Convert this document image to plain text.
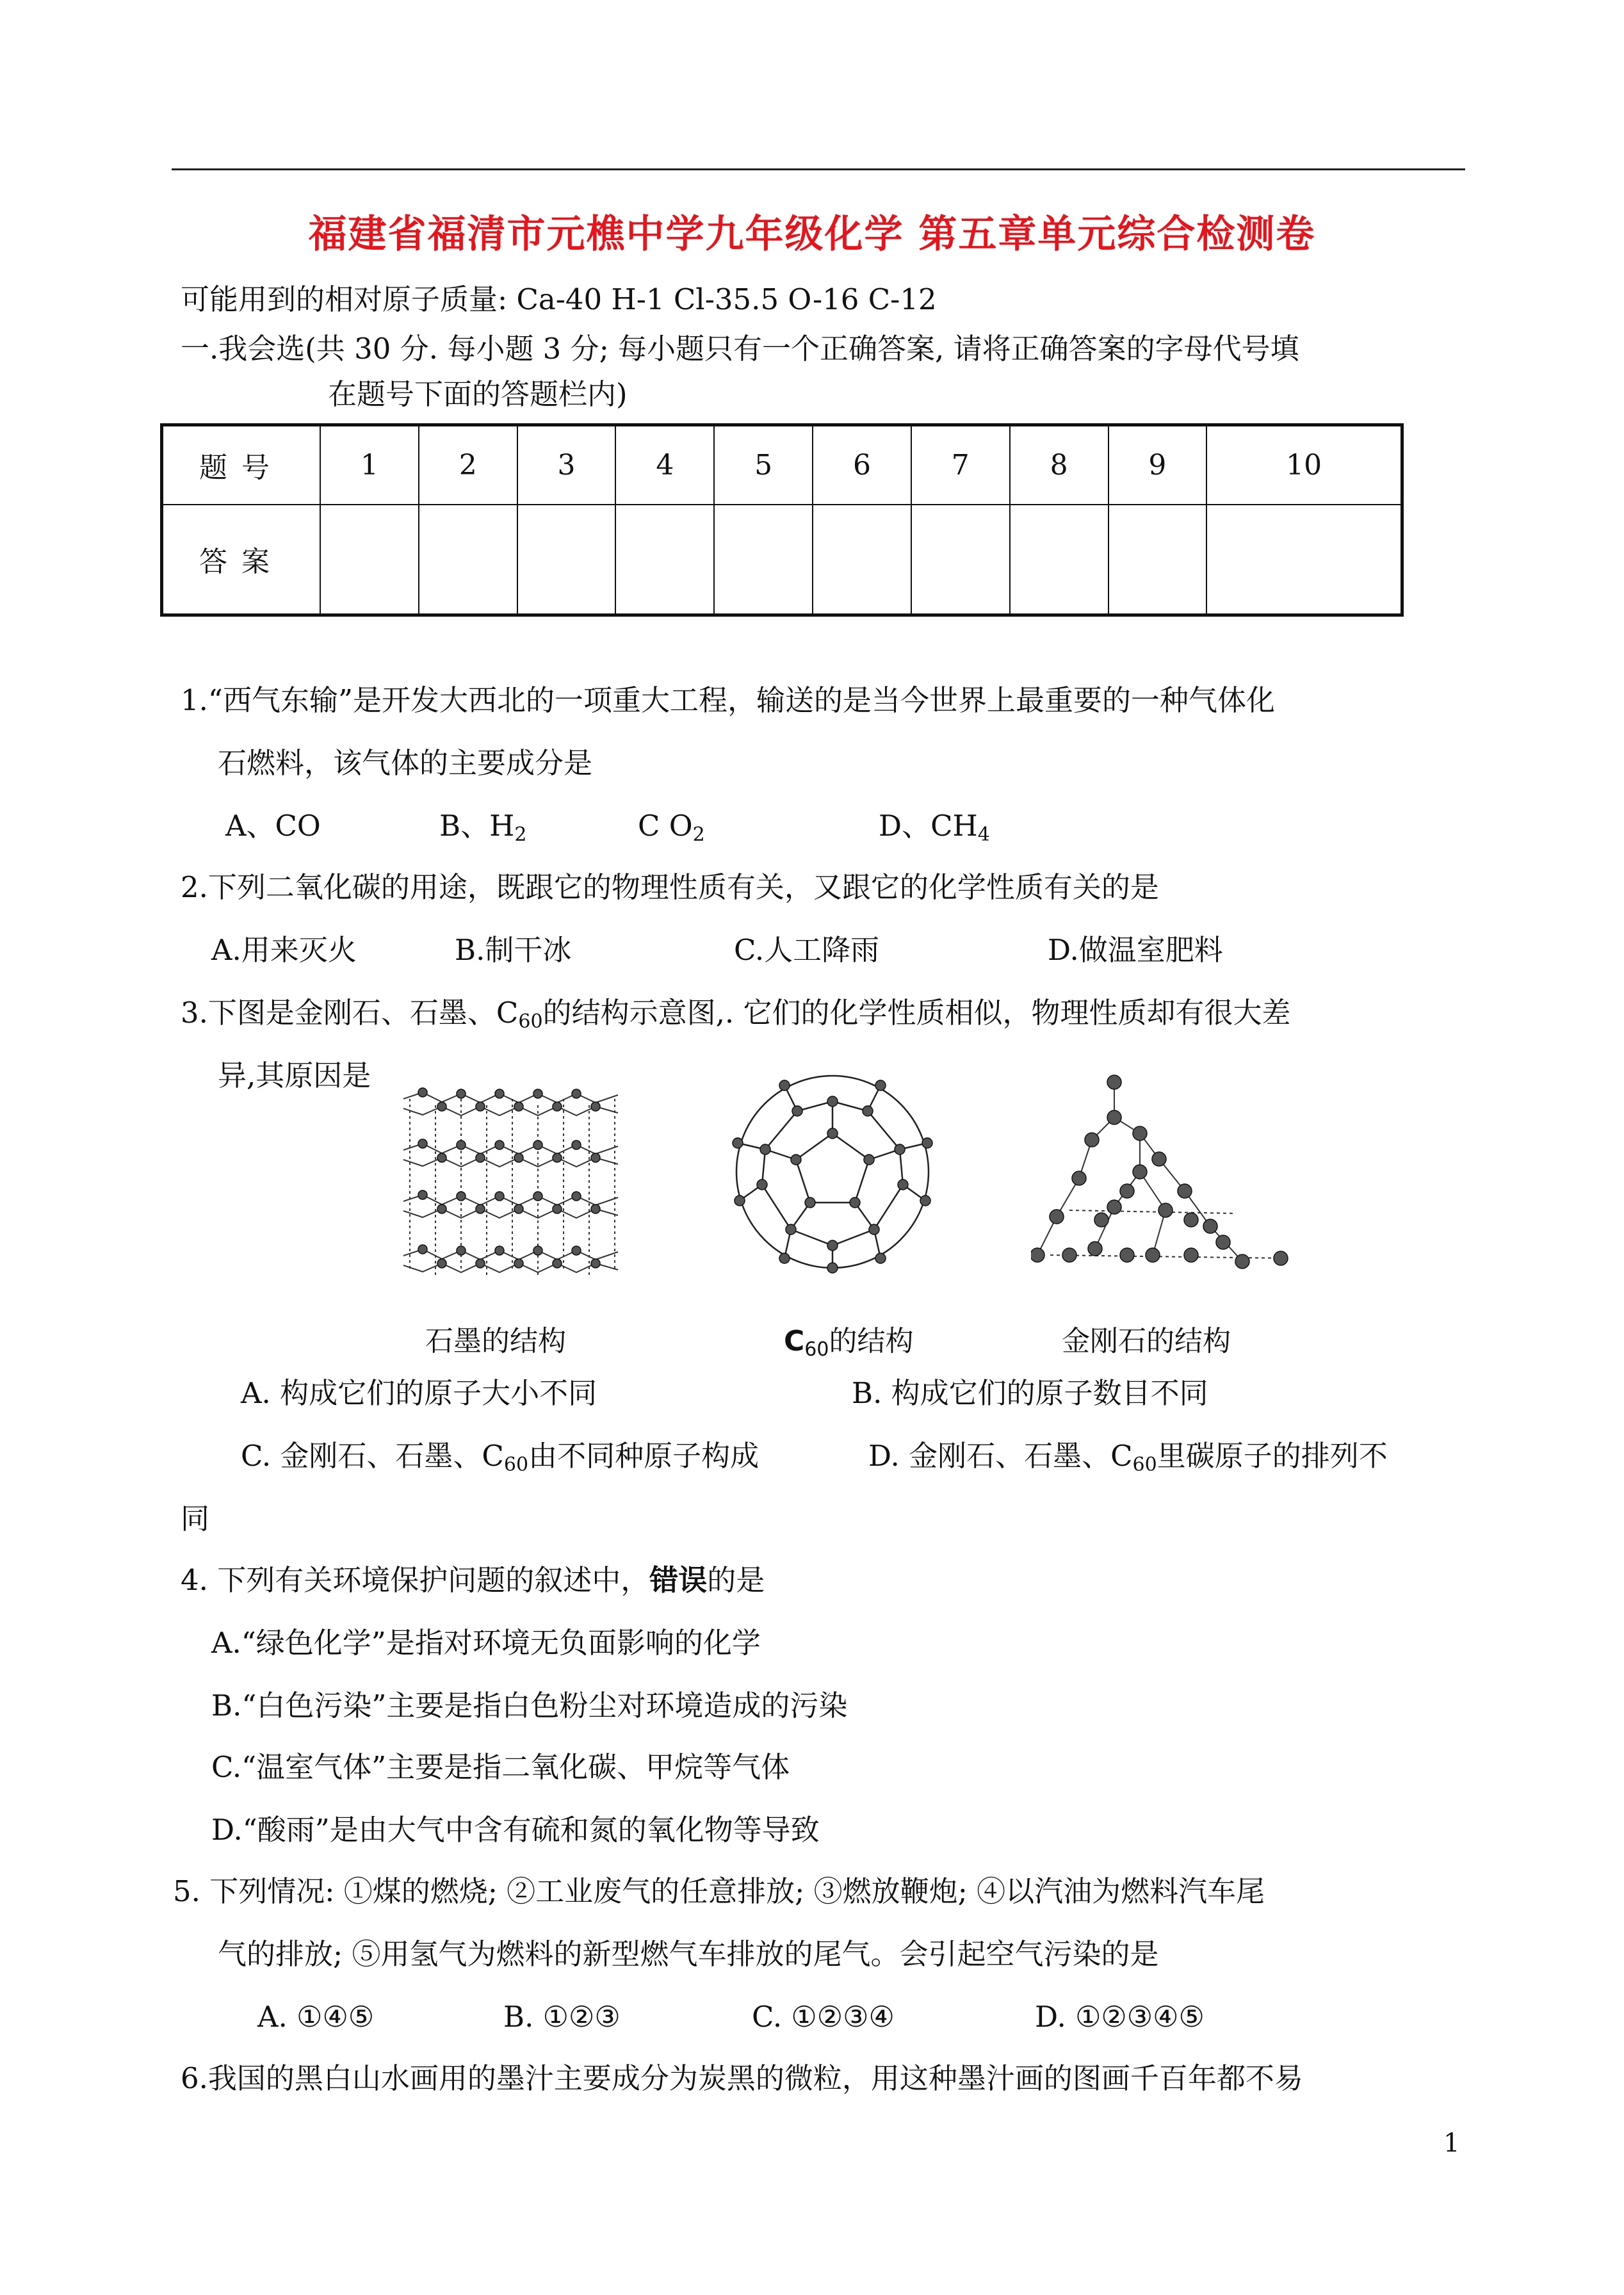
福建省福清市元樵中学九年级化学 第五章单元综合检测卷
可能用到的相对原子质量: Ca-40 H-1 Cl-35.5 O-16 C-12
一.我会选(共 30 分. 每小题 3 分; 每小题只有一个正确答案, 请将正确答案的字母代号填
在题号下面的答题栏内)
题号	1	2	3	4	5	6	7	8	9	10
答案										
1.“西气东输”是开发大西北的一项重大工程，输送的是当今世界上最重要的一种气体化
石燃料，该气体的主要成分是
A、CO	B、$H_2$	C $O_2$	D、$CH_4$
2.下列二氧化碳的用途，既跟它的物理性质有关，又跟它的化学性质有关的是
A.用来灭火	B.制干冰	C.人工降雨	D.做温室肥料
3.下图是金刚石、石墨、$C_{60}$的结构示意图,. 它们的化学性质相似，物理性质却有很大差
异,其原因是
石墨的结构	$C_{60}$的结构	金刚石的结构
A. 构成它们的原子大小不同	B. 构成它们的原子数目不同
C. 金刚石、石墨、$C_{60}$由不同种原子构成	D. 金刚石、石墨、$C_{60}$里碳原子的排列不
同
4. 下列有关环境保护问题的叙述中，错误的是
A.“绿色化学”是指对环境无负面影响的化学
B.“白色污染”主要是指白色粉尘对环境造成的污染
C.“温室气体”主要是指二氧化碳、甲烷等气体
D.“酸雨”是由大气中含有硫和氮的氧化物等导致
5. 下列情况: ①煤的燃烧; ②工业废气的任意排放; ③燃放鞭炮; ④以汽油为燃料汽车尾
气的排放; ⑤用氢气为燃料的新型燃气车排放的尾气。会引起空气污染的是
A. ①④⑤	B. ①②③	C. ①②③④	D. ①②③④⑤
6.我国的黑白山水画用的墨汁主要成分为炭黑的微粒，用这种墨汁画的图画千百年都不易
1
